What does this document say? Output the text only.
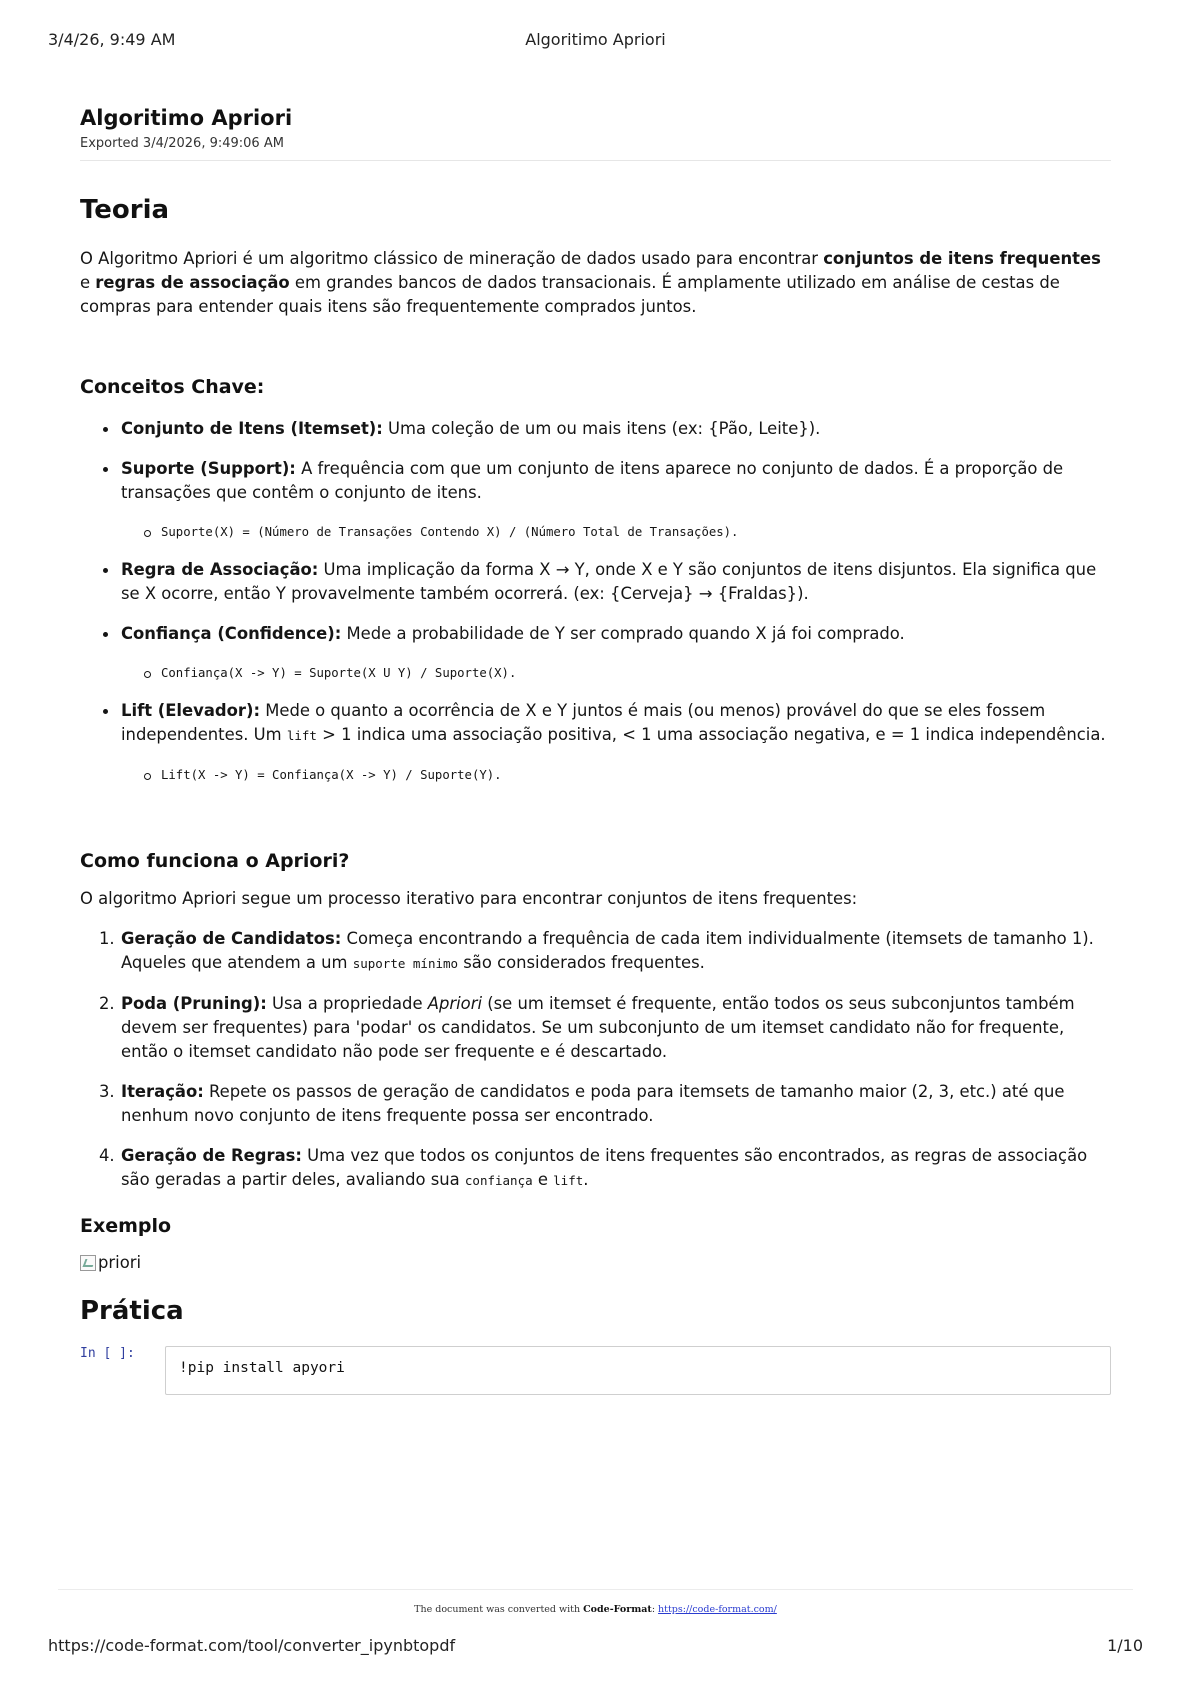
3/4/26, 9:49 AM	Algoritimo Apriori
Algoritimo Apriori
Exported 3/4/2026, 9:49:06 AM
Teoria

O Algoritmo Apriori é um algoritmo clássico de mineração de dados usado para encontrar conjuntos de itens frequentes e regras de associação em grandes bancos de dados transacionais. É amplamente utilizado em análise de cestas de compras para entender quais itens são frequentemente comprados juntos.

Conceitos Chave:
Conjunto de Itens (Itemset): Uma coleção de um ou mais itens (ex: {Pão, Leite}).
Suporte (Support): A frequência com que um conjunto de itens aparece no conjunto de dados. É a proporção de transações que contêm o conjunto de itens.
Suporte(X) = (Número de Transações Contendo X) / (Número Total de Transações).
Regra de Associação: Uma implicação da forma X → Y, onde X e Y são conjuntos de itens disjuntos. Ela significa que se X ocorre, então Y provavelmente também ocorrerá. (ex: {Cerveja} → {Fraldas}).
Confiança (Confidence): Mede a probabilidade de Y ser comprado quando X já foi comprado.
Confiança(X -> Y) = Suporte(X U Y) / Suporte(X).
Lift (Elevador): Mede o quanto a ocorrência de X e Y juntos é mais (ou menos) provável do que se eles fossem independentes. Um lift > 1 indica uma associação positiva, < 1 uma associação negativa, e = 1 indica independência.
Lift(X -> Y) = Confiança(X -> Y) / Suporte(Y).
Como funciona o Apriori?

O algoritmo Apriori segue um processo iterativo para encontrar conjuntos de itens frequentes:

1. Geração de Candidatos: Começa encontrando a frequência de cada item individualmente (itemsets de tamanho 1). Aqueles que atendem a um suporte mínimo são considerados frequentes.
2. Poda (Pruning): Usa a propriedade Apriori (se um itemset é frequente, então todos os seus subconjuntos também devem ser frequentes) para 'podar' os candidatos. Se um subconjunto de um itemset candidato não for frequente, então o itemset candidato não pode ser frequente e é descartado.
3. Iteração: Repete os passos de geração de candidatos e poda para itemsets de tamanho maior (2, 3, etc.) até que nenhum novo conjunto de itens frequente possa ser encontrado.
4. Geração de Regras: Uma vez que todos os conjuntos de itens frequentes são encontrados, as regras de associação são geradas a partir deles, avaliando sua confiança e lift.
Exemplo
priori
Prática
In [ ]:
!pip install apyori
The document was converted with Code-Format: https://code-format.com/
https://code-format.com/tool/converter_ipynbtopdf	1/10
